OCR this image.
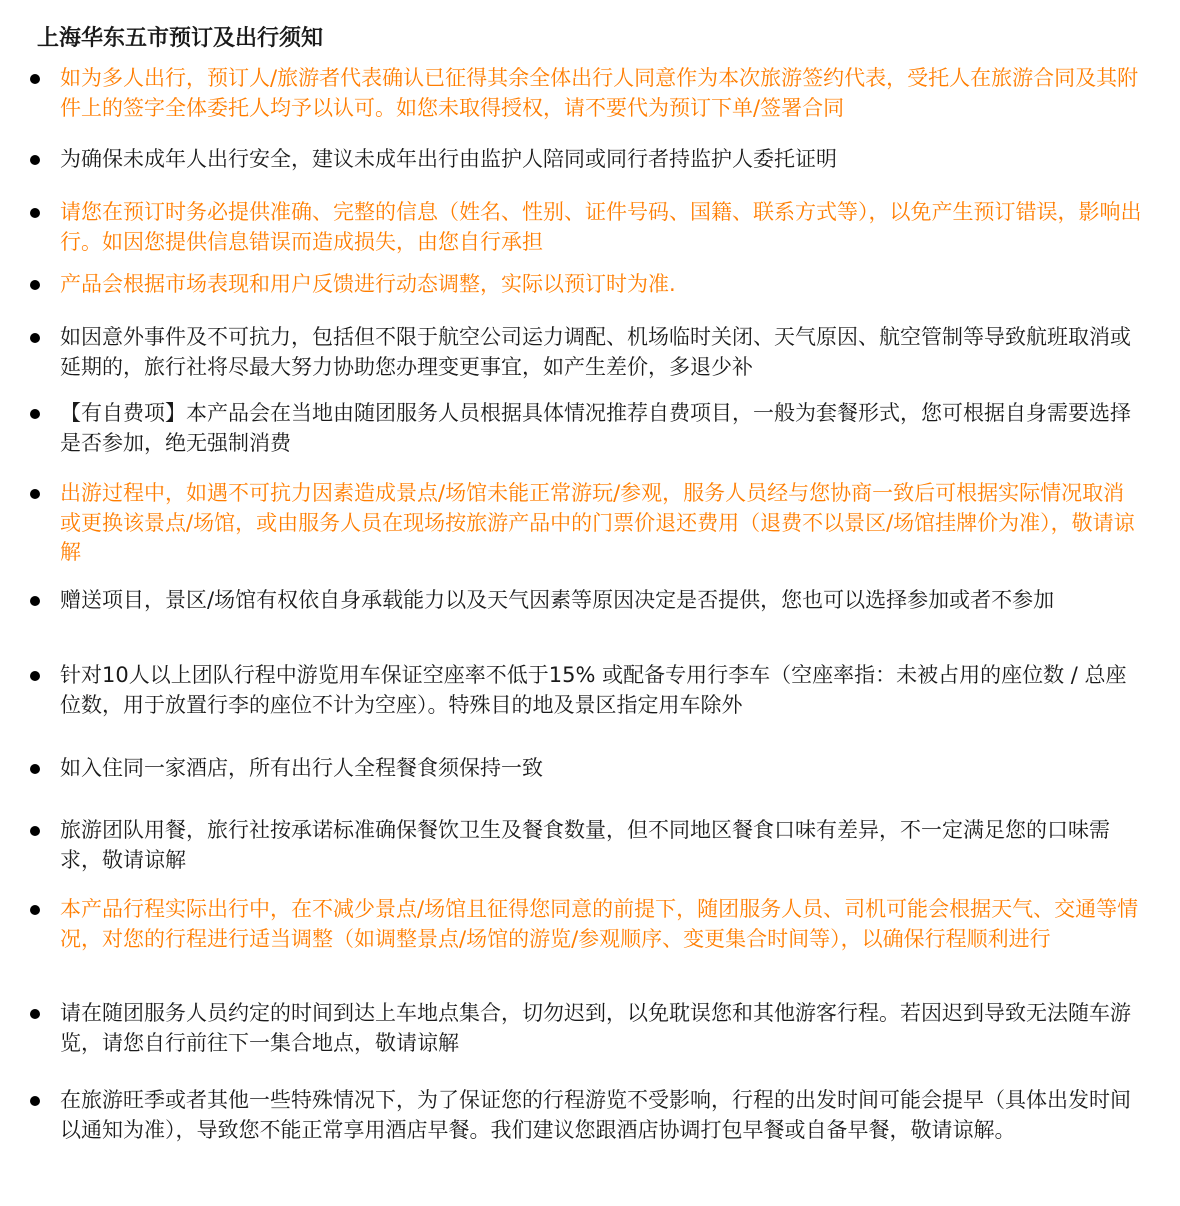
上海华东五市预订及出行须知

如为多人出行，预订人/旅游者代表确认已征得其余全体出行人同意作为本次旅游签约代表，受托人在旅游合同及其附件上的签字全体委托人均予以认可。如您未取得授权，请不要代为预订下单/签署合同

为确保未成年人出行安全，建议未成年出行由监护人陪同或同行者持监护人委托证明

请您在预订时务必提供准确、完整的信息（姓名、性别、证件号码、国籍、联系方式等），以免产生预订错误，影响出行。如因您提供信息错误而造成损失，由您自行承担

产品会根据市场表现和用户反馈进行动态调整，实际以预订时为准.

如因意外事件及不可抗力，包括但不限于航空公司运力调配、机场临时关闭、天气原因、航空管制等导致航班取消或延期的，旅行社将尽最大努力协助您办理变更事宜，如产生差价，多退少补

【有自费项】本产品会在当地由随团服务人员根据具体情况推荐自费项目，一般为套餐形式，您可根据自身需要选择是否参加，绝无强制消费

出游过程中，如遇不可抗力因素造成景点/场馆未能正常游玩/参观，服务人员经与您协商一致后可根据实际情况取消或更换该景点/场馆，或由服务人员在现场按旅游产品中的门票价退还费用（退费不以景区/场馆挂牌价为准），敬请谅解

赠送项目，景区/场馆有权依自身承载能力以及天气因素等原因决定是否提供，您也可以选择参加或者不参加

针对10人以上团队行程中游览用车保证空座率不低于15% 或配备专用行李车（空座率指：未被占用的座位数 / 总座位数，用于放置行李的座位不计为空座）。特殊目的地及景区指定用车除外

如入住同一家酒店，所有出行人全程餐食须保持一致

旅游团队用餐，旅行社按承诺标准确保餐饮卫生及餐食数量，但不同地区餐食口味有差异，不一定满足您的口味需求，敬请谅解

本产品行程实际出行中，在不减少景点/场馆且征得您同意的前提下，随团服务人员、司机可能会根据天气、交通等情况，对您的行程进行适当调整（如调整景点/场馆的游览/参观顺序、变更集合时间等），以确保行程顺利进行

请在随团服务人员约定的时间到达上车地点集合，切勿迟到，以免耽误您和其他游客行程。若因迟到导致无法随车游览，请您自行前往下一集合地点，敬请谅解

在旅游旺季或者其他一些特殊情况下，为了保证您的行程游览不受影响，行程的出发时间可能会提早（具体出发时间以通知为准），导致您不能正常享用酒店早餐。我们建议您跟酒店协调打包早餐或自备早餐，敬请谅解。
